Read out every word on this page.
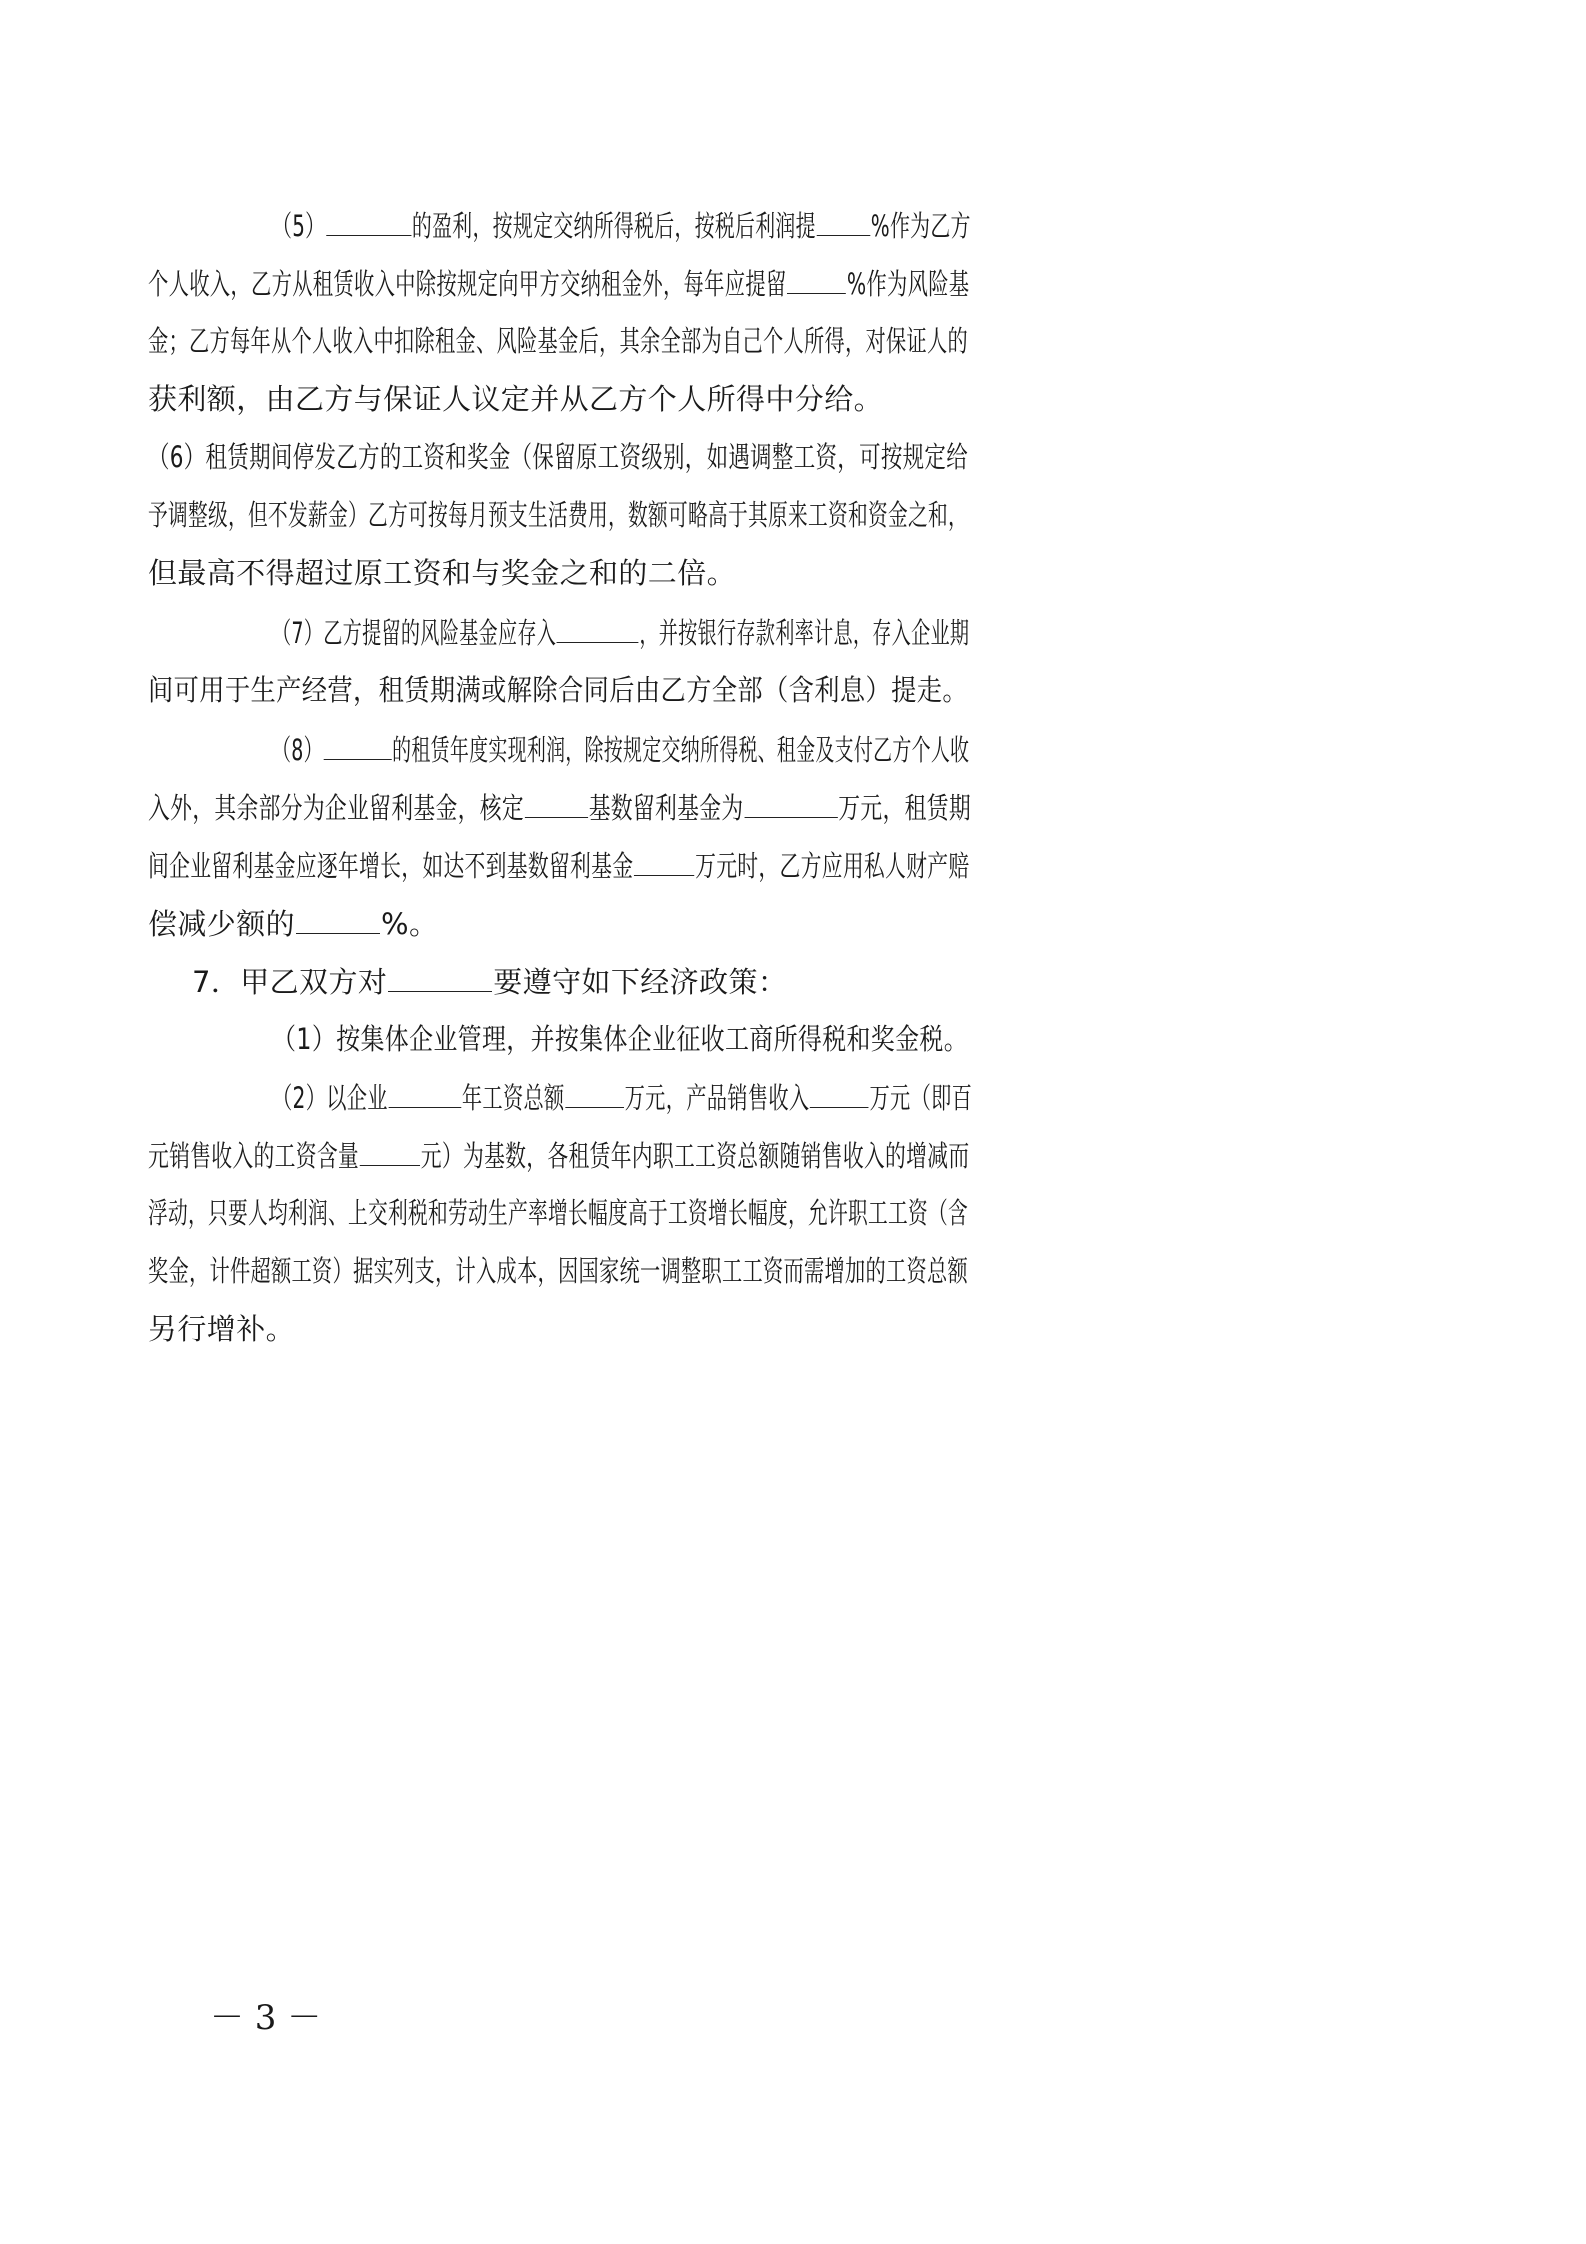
（5）	的盈利，按规定交纳所得税后，按税后利润提 %作为乙方
个人收入，乙方从租赁收入中除按规定向甲方交纳租金外，每年应提留 %作为风险基
金；乙方每年从个人收入中扣除租金、风险基金后，其余全部为自己个人所得，对保证人的
获利额，由乙方与保证人议定并从乙方个人所得中分给。
（6）租赁期间停发乙方的工资和奖金（保留原工资级别，如遇调整工资，可按规定给
予调整级，但不发薪金）乙方可按每月预支生活费用，数额可略高于其原来工资和资金之和，
但最高不得超过原工资和与奖金之和的二倍。
（7）乙方提留的风险基金应存入	，并按银行存款利率计息，存入企业期
间可用于生产经营，租赁期满或解除合同后由乙方全部（含利息）提走。
（8） 的租赁年度实现利润，除按规定交纳所得税、租金及支付乙方个人收
入外，其余部分为企业留利基金，核定 基数留利基金为	万元，租赁期
间企业留利基金应逐年增长，如达不到基数留利基金 万元时，乙方应用私人财产赔
偿减少额的	%。
7．甲乙双方对	要遵守如下经济政策：
（1）按集体企业管理，并按集体企业征收工商所得税和奖金税。
（2）以企业	年工资总额 万元，产品销售收入 万元（即百
元销售收入的工资含量 元）为基数，各租赁年内职工工资总额随销售收入的增减而
浮动，只要人均利润、上交利税和劳动生产率增长幅度高于工资增长幅度，允许职工工资（含
奖金，计件超额工资）据实列支，计入成本，因国家统一调整职工工资而需增加的工资总额
另行增补。
－ 3 －
